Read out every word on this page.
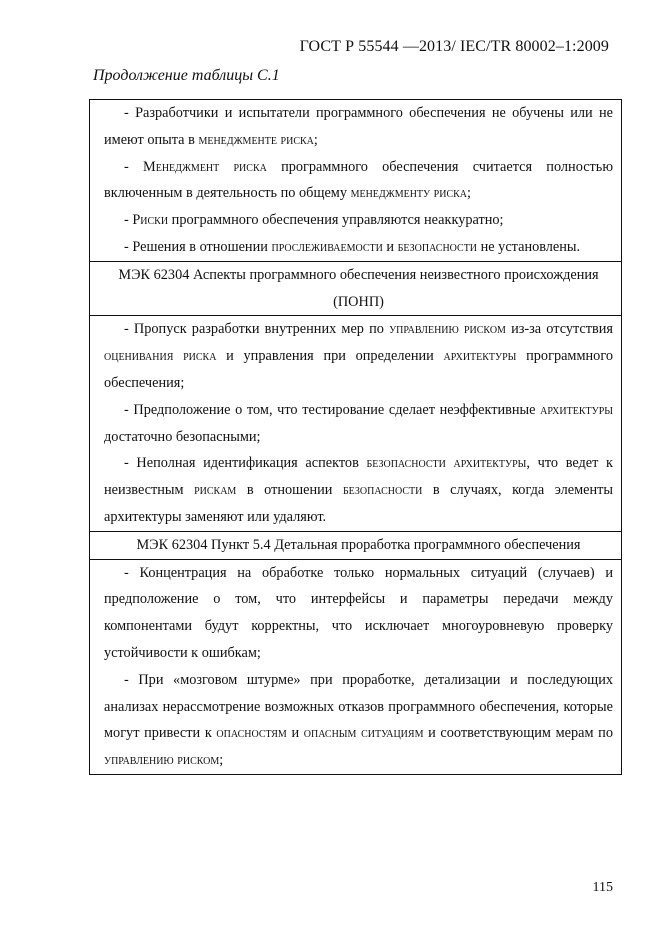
ГОСТ Р 55544 —2013/ IEC/TR 80002–1:2009
Продолжение таблицы С.1

- Разработчики и испытатели программного обеспечения не обучены или не имеют опыта в менеджменте риска;

- Менеджмент риска программного обеспечения считается полностью включенным в деятельность по общему менеджменту риска;

- Риски программного обеспечения управляются неаккуратно;

- Решения в отношении прослеживаемости и безопасности не установлены.

МЭК 62304 Аспекты программного обеспечения неизвестного происхождения (ПОНП)

- Пропуск разработки внутренних мер по управлению риском из-за отсутствия оценивания риска и управления при определении архитектуры программного обеспечения;

- Предположение о том, что тестирование сделает неэффективные архитектуры достаточно безопасными;

- Неполная идентификация аспектов безопасности архитектуры, что ведет к неизвестным рискам в отношении безопасности в случаях, когда элементы архитектуры заменяют или удаляют.

МЭК 62304 Пункт 5.4 Детальная проработка программного обеспечения

- Концентрация на обработке только нормальных ситуаций (случаев) и предположение о том, что интерфейсы и параметры передачи между компонентами будут корректны, что исключает многоуровневую проверку устойчивости к ошибкам;

- При «мозговом штурме» при проработке, детализации и последующих анализах нерассмотрение возможных отказов программного обеспечения, которые могут привести к опасностям и опасным ситуациям и соответствующим мерам по управлению риском;

115
